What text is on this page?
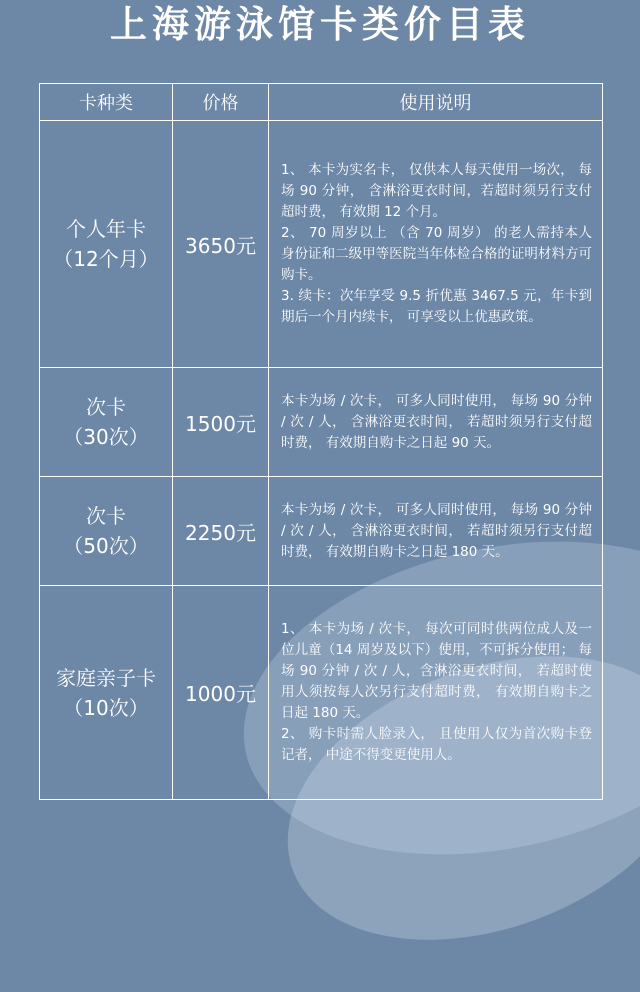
上海游泳馆卡类价目表
卡种类	价格	使用说明

个人年卡
（12个月）	3650元	1、 本卡为实名卡， 仅供本人每天使用一场次， 每场 90 分钟， 含淋浴更衣时间，若超时须另行支付超时费， 有效期 12 个月。
2、 70 周岁以上 （含 70 周岁） 的老人需持本人身份证和二级甲等医院当年体检合格的证明材料方可购卡。
3. 续卡：次年享受 9.5 折优惠 3467.5 元，年卡到期后一个月内续卡， 可享受以上优惠政策。

次卡
（30次）	1500元	本卡为场 / 次卡， 可多人同时使用， 每场 90 分钟 / 次 / 人， 含淋浴更衣时间， 若超时须另行支付超时费， 有效期自购卡之日起 90 天。

次卡
（50次）	2250元	本卡为场 / 次卡， 可多人同时使用， 每场 90 分钟 / 次 / 人， 含淋浴更衣时间， 若超时须另行支付超时费， 有效期自购卡之日起 180 天。

家庭亲子卡
（10次）	1000元	1、 本卡为场 / 次卡， 每次可同时供两位成人及一位儿童（14 周岁及以下）使用，不可拆分使用； 每场 90 分钟 / 次 / 人，含淋浴更衣时间， 若超时使用人须按每人次另行支付超时费， 有效期自购卡之日起 180 天。
2、 购卡时需人脸录入， 且使用人仅为首次购卡登记者， 中途不得变更使用人。
